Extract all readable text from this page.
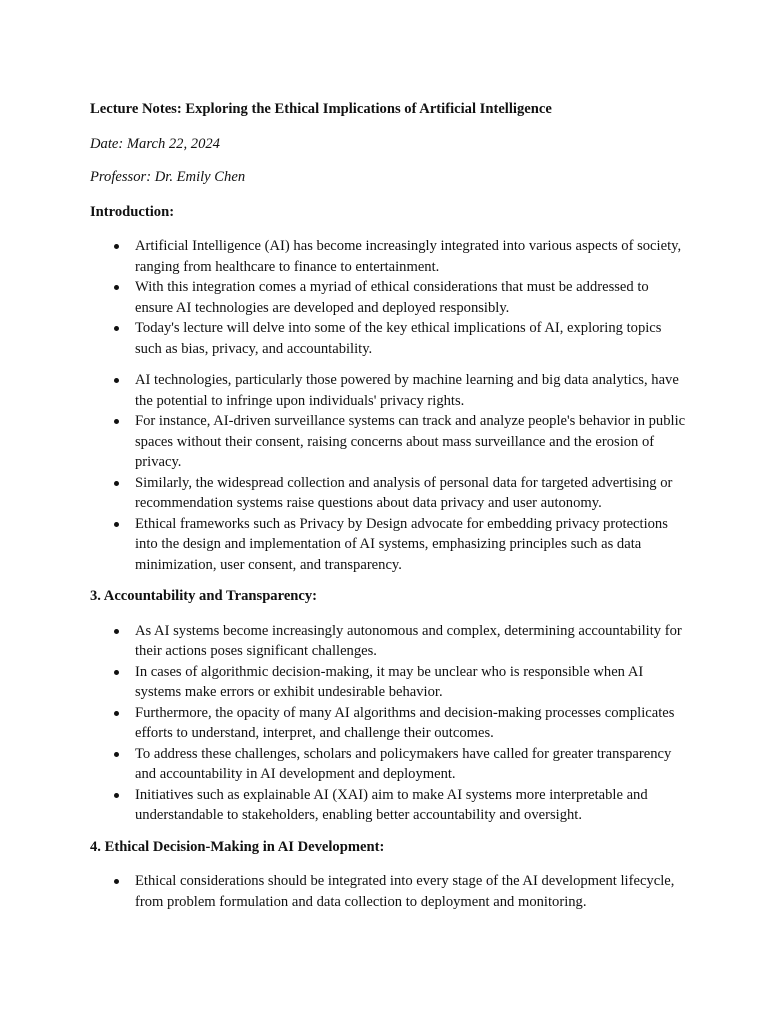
Lecture Notes: Exploring the Ethical Implications of Artificial Intelligence
Date: March 22, 2024
Professor: Dr. Emily Chen
Introduction:
Artificial Intelligence (AI) has become increasingly integrated into various aspects of society, ranging from healthcare to finance to entertainment.
With this integration comes a myriad of ethical considerations that must be addressed to ensure AI technologies are developed and deployed responsibly.
Today's lecture will delve into some of the key ethical implications of AI, exploring topics such as bias, privacy, and accountability.
AI technologies, particularly those powered by machine learning and big data analytics, have the potential to infringe upon individuals' privacy rights.
For instance, AI-driven surveillance systems can track and analyze people's behavior in public spaces without their consent, raising concerns about mass surveillance and the erosion of privacy.
Similarly, the widespread collection and analysis of personal data for targeted advertising or recommendation systems raise questions about data privacy and user autonomy.
Ethical frameworks such as Privacy by Design advocate for embedding privacy protections into the design and implementation of AI systems, emphasizing principles such as data minimization, user consent, and transparency.
3. Accountability and Transparency:
As AI systems become increasingly autonomous and complex, determining accountability for their actions poses significant challenges.
In cases of algorithmic decision-making, it may be unclear who is responsible when AI systems make errors or exhibit undesirable behavior.
Furthermore, the opacity of many AI algorithms and decision-making processes complicates efforts to understand, interpret, and challenge their outcomes.
To address these challenges, scholars and policymakers have called for greater transparency and accountability in AI development and deployment.
Initiatives such as explainable AI (XAI) aim to make AI systems more interpretable and understandable to stakeholders, enabling better accountability and oversight.
4. Ethical Decision-Making in AI Development:
Ethical considerations should be integrated into every stage of the AI development lifecycle, from problem formulation and data collection to deployment and monitoring.
